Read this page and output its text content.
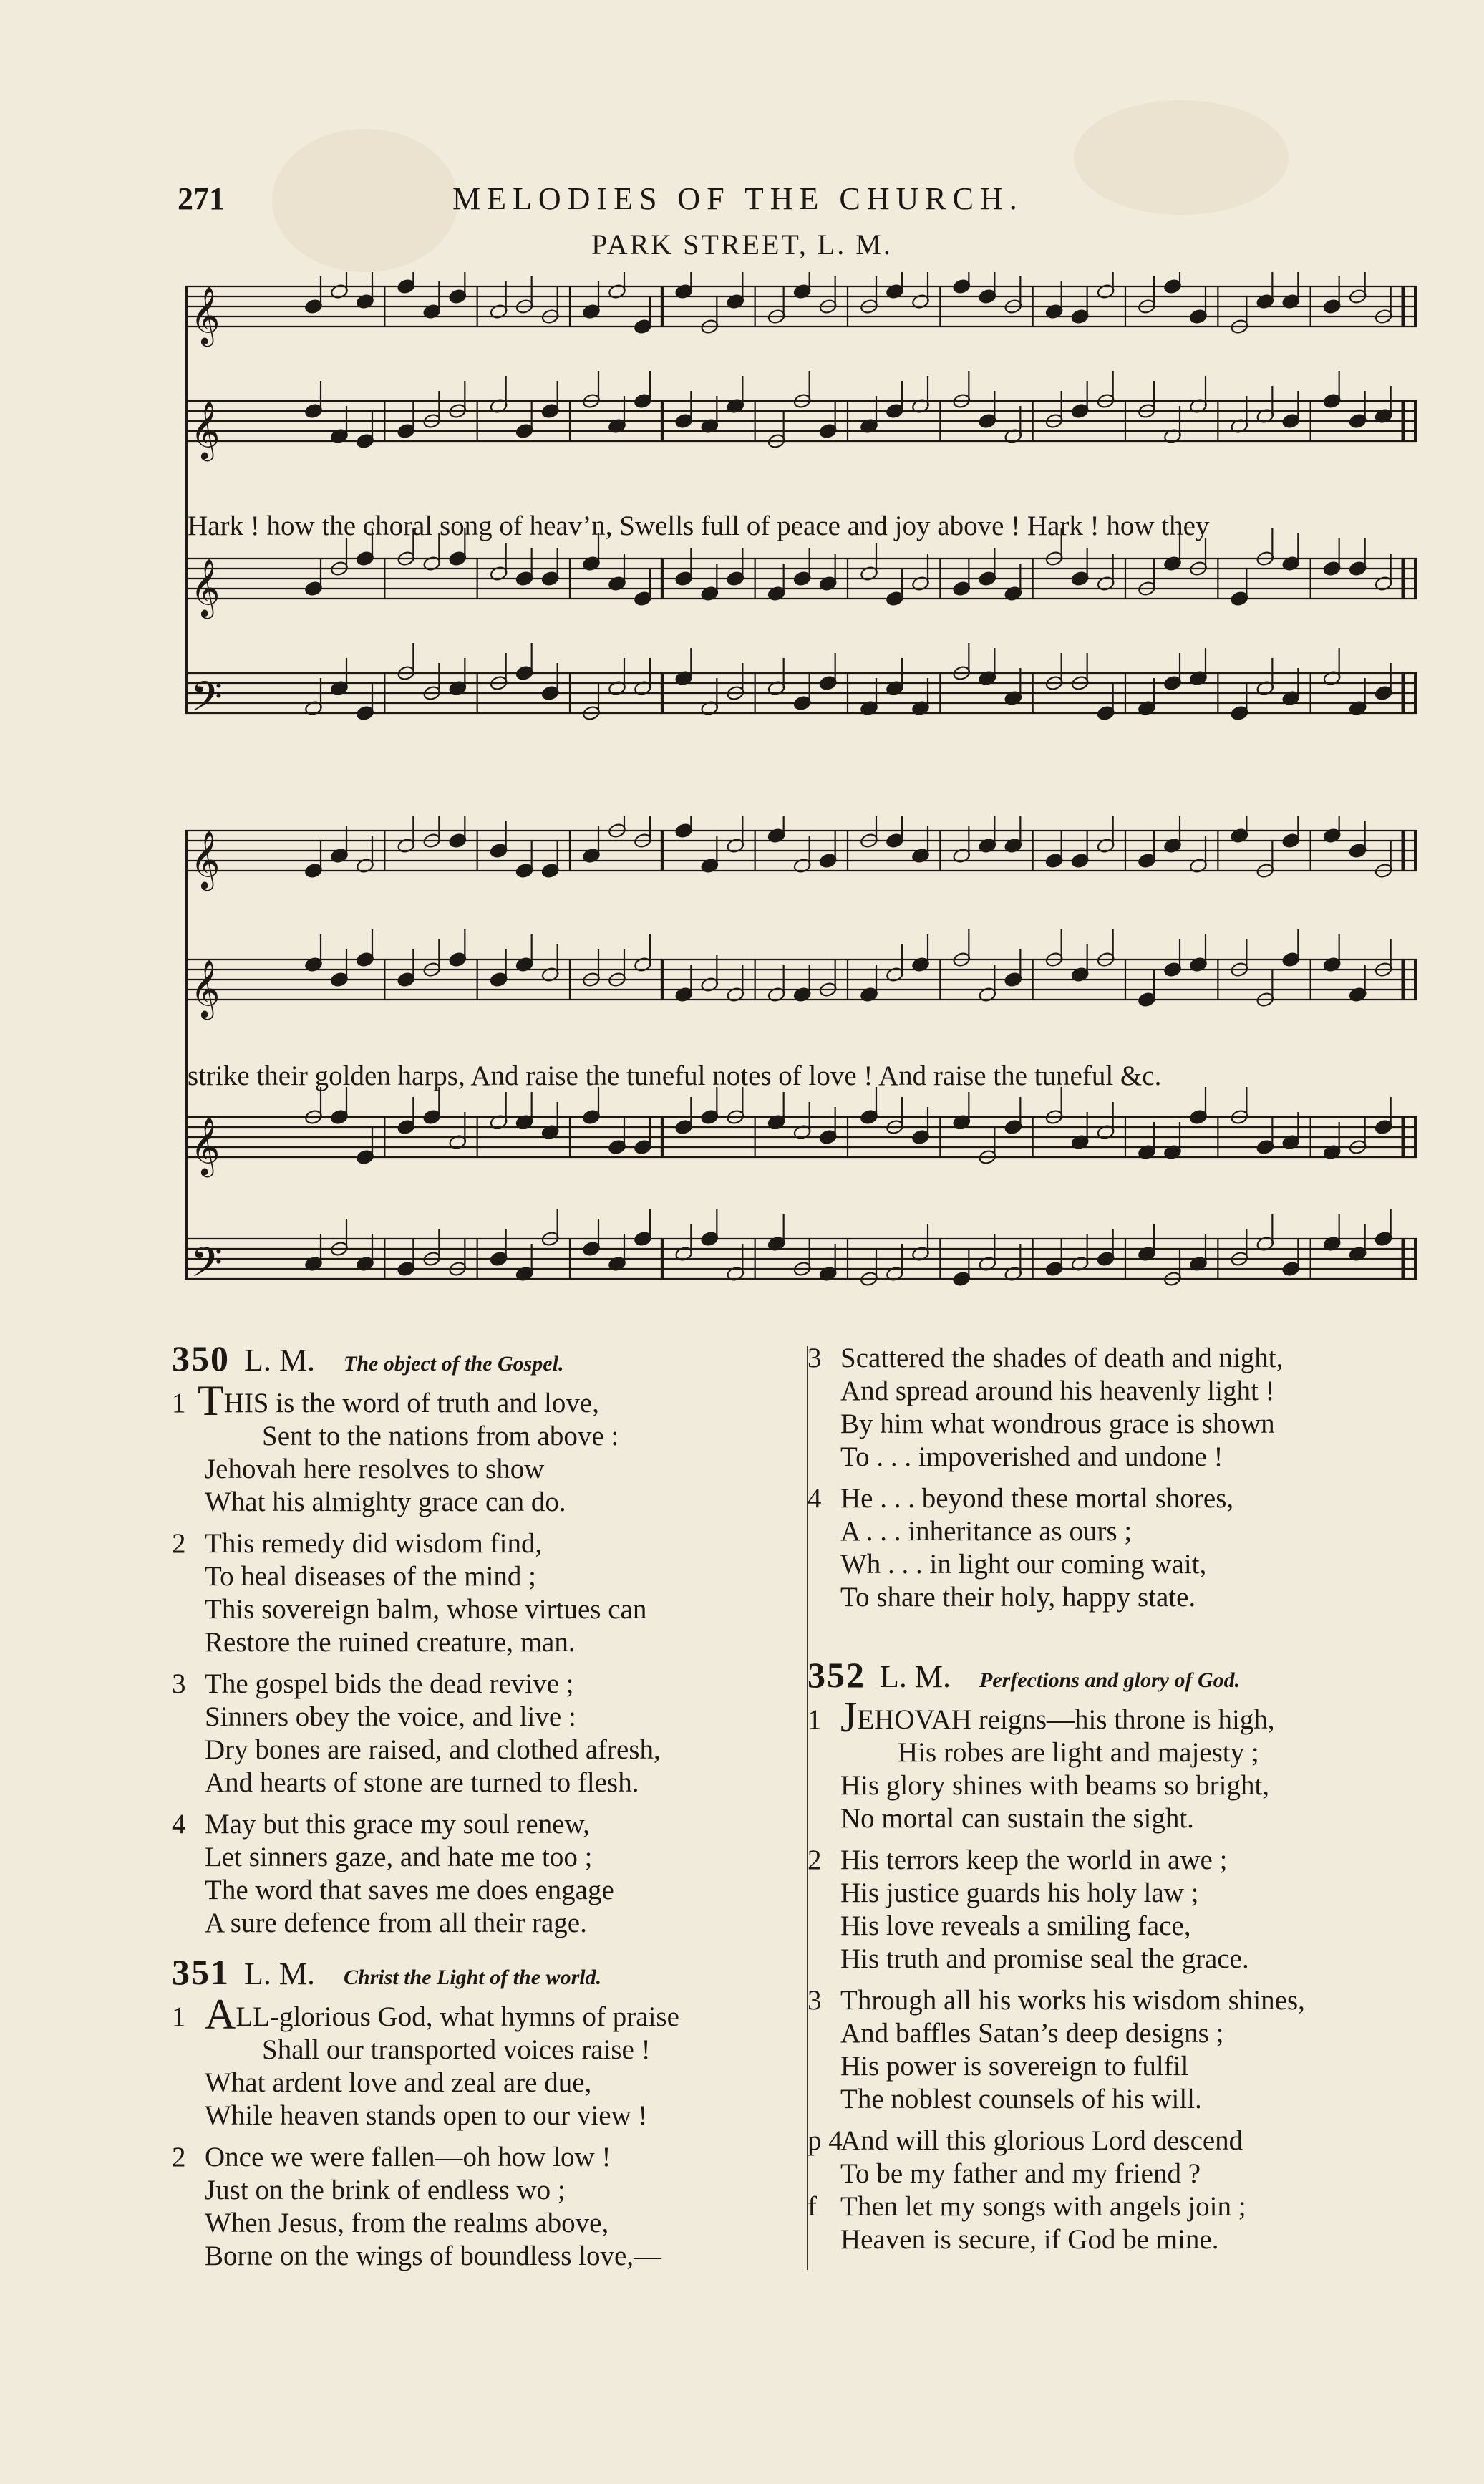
271	MELODIES OF THE CHURCH.
PARK STREET, L. M.
𝄞
𝄞
𝄞
𝄢
Hark ! how the choral song of heav’n, Swells full of peace and joy above ! Hark ! how they
𝄞
𝄞
𝄞
𝄢
strike their golden harps, And raise the tuneful notes of love ! And raise the tuneful &c.
350 L. M. The object of the Gospel.
1 THIS is the word of truth and love,
Sent to the nations from above :
Jehovah here resolves to show
What his almighty grace can do.
2 This remedy did wisdom find,
To heal diseases of the mind ;
This sovereign balm, whose virtues can
Restore the ruined creature, man.
3 The gospel bids the dead revive ;
Sinners obey the voice, and live :
Dry bones are raised, and clothed afresh,
And hearts of stone are turned to flesh.
4 May but this grace my soul renew,
Let sinners gaze, and hate me too ;
The word that saves me does engage
A sure defence from all their rage.
351 L. M. Christ the Light of the world.
1 ALL-glorious God, what hymns of praise
Shall our transported voices raise !
What ardent love and zeal are due,
While heaven stands open to our view !
2 Once we were fallen—oh how low !
Just on the brink of endless wo ;
When Jesus, from the realms above,
Borne on the wings of boundless love,—
3 Scattered the shades of death and night,
And spread around his heavenly light !
By him what wondrous grace is shown
To . . . impoverished and undone !
4 He . . . beyond these mortal shores,
A . . . inheritance as ours ;
Wh . . . in light our coming wait,
To share their holy, happy state.
352 L. M. Perfections and glory of God.
1 JEHOVAH reigns—his throne is high,
His robes are light and majesty ;
His glory shines with beams so bright,
No mortal can sustain the sight.
2 His terrors keep the world in awe ;
His justice guards his holy law ;
His love reveals a smiling face,
His truth and promise seal the grace.
3 Through all his works his wisdom shines,
And baffles Satan’s deep designs ;
His power is sovereign to fulfil
The noblest counsels of his will.
p 4And will this glorious Lord descend
To be my father and my friend ?
f Then let my songs with angels join ;
Heaven is secure, if God be mine.
